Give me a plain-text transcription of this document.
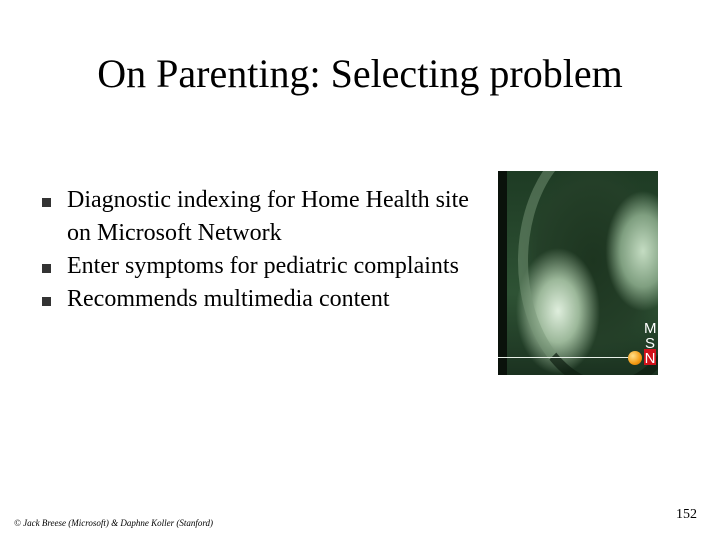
On Parenting: Selecting problem
Diagnostic indexing for Home Health site on Microsoft Network
Enter symptoms for pediatric complaints
Recommends multimedia content
MSN
© Jack Breese (Microsoft) & Daphne Koller (Stanford)
152
